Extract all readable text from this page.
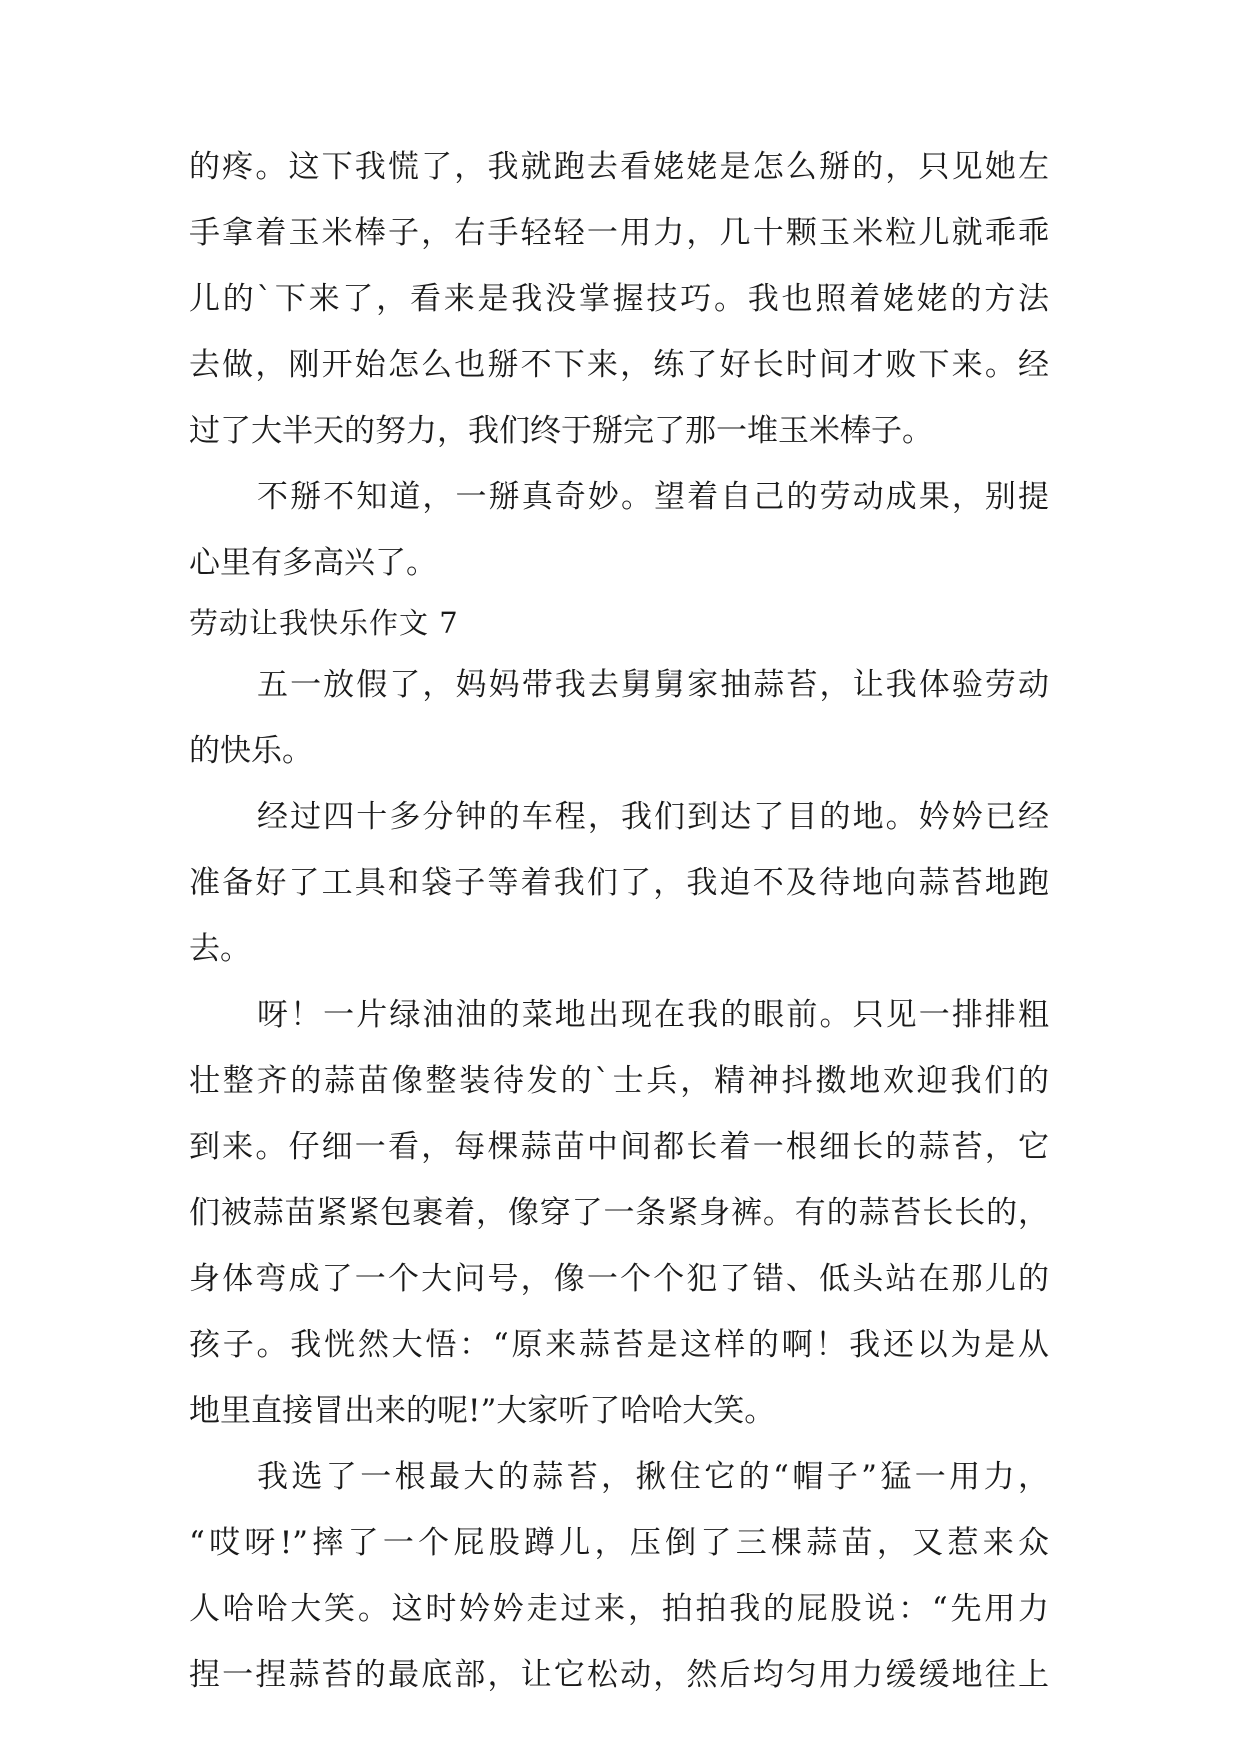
的疼。这下我慌了，我就跑去看姥姥是怎么掰的，只见她左
手拿着玉米棒子，右手轻轻一用力，几十颗玉米粒儿就乖乖
儿的`下来了，看来是我没掌握技巧。我也照着姥姥的方法
去做，刚开始怎么也掰不下来，练了好长时间才败下来。经
过了大半天的努力，我们终于掰完了那一堆玉米棒子。
不掰不知道，一掰真奇妙。望着自己的劳动成果，别提
心里有多高兴了。
劳动让我快乐作文 7
五一放假了，妈妈带我去舅舅家抽蒜苔，让我体验劳动
的快乐。
经过四十多分钟的车程，我们到达了目的地。妗妗已经
准备好了工具和袋子等着我们了，我迫不及待地向蒜苔地跑
去。
呀！一片绿油油的菜地出现在我的眼前。只见一排排粗
壮整齐的蒜苗像整装待发的`士兵，精神抖擞地欢迎我们的
到来。仔细一看，每棵蒜苗中间都长着一根细长的蒜苔，它
们被蒜苗紧紧包裹着，像穿了一条紧身裤。有的蒜苔长长的，
身体弯成了一个大问号，像一个个犯了错、低头站在那儿的
孩子。我恍然大悟：“原来蒜苔是这样的啊！我还以为是从
地里直接冒出来的呢!”大家听了哈哈大笑。
我选了一根最大的蒜苔，揪住它的“帽子”猛一用力，
“哎呀!”摔了一个屁股蹲儿，压倒了三棵蒜苗，又惹来众
人哈哈大笑。这时妗妗走过来，拍拍我的屁股说：“先用力
捏一捏蒜苔的最底部，让它松动，然后均匀用力缓缓地往上
